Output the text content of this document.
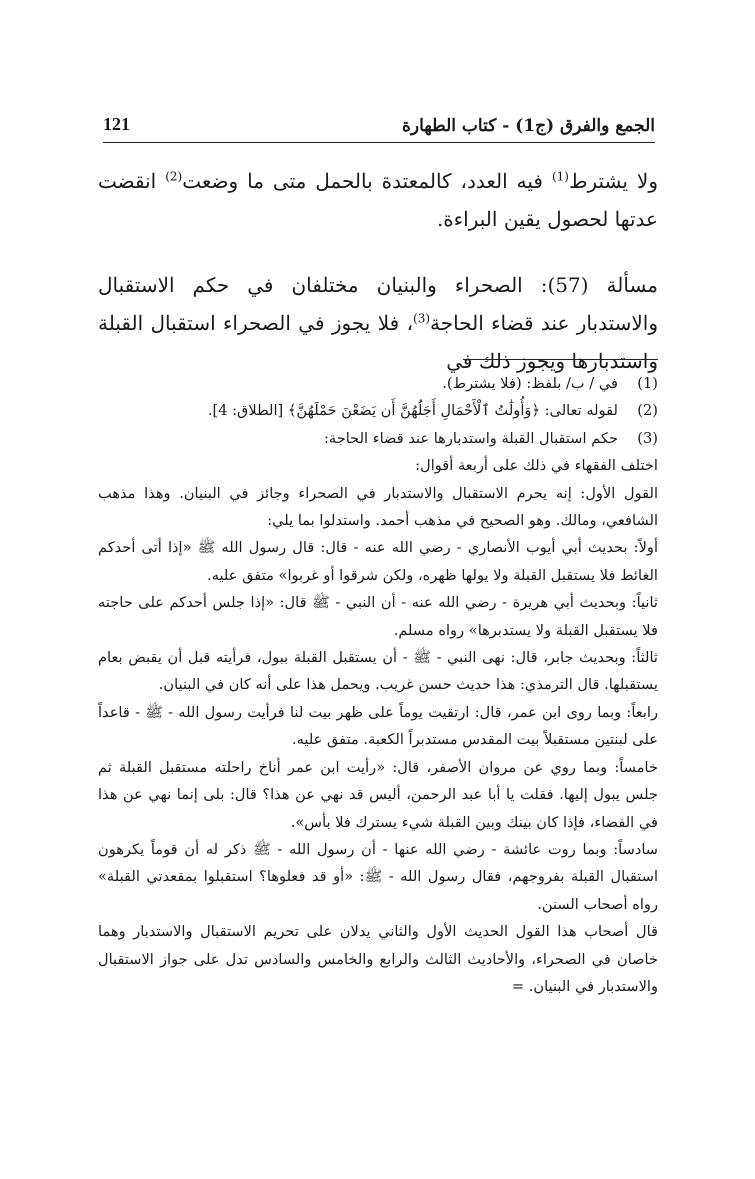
الجمع والفرق (ج1) - كتاب الطهارة
121

ولا يشترط$^{(1)}$ فيه العدد، كالمعتدة بالحمل متى ما وضعت$^{(2)}$ انقضت عدتها لحصول يقين البراءة.

مسألة (57): الصحراء والبنيان مختلفان في حكم الاستقبال والاستدبار عند قضاء الحاجة$^{(3)}$، فلا يجوز في الصحراء استقبال القبلة واستدبارها ويجوز ذلك في

(1)
في / ب/ بلفظ: (فلا يشترط).
(2)
لقوله تعالى: ﴿وَأُولَٰتُ ٱلْأَحْمَالِ أَجَلُهُنَّ أَن يَضَعْنَ حَمْلَهُنَّ﴾ [الطلاق: 4].
(3)
حكم استقبال القبلة واستدبارها عند قضاء الحاجة:

اختلف الفقهاء في ذلك على أربعة أقوال:

القول الأول: إنه يحرم الاستقبال والاستدبار في الصحراء وجائز في البنيان. وهذا مذهب الشافعي، ومالك. وهو الصحيح في مذهب أحمد. واستدلوا بما يلي:

أولاً: بحديث أبي أيوب الأنصاري - رضي الله عنه - قال: قال رسول الله ﷺ «إذا أتى أحدكم الغائط فلا يستقبل القبلة ولا يولها ظهره، ولكن شرقوا أو غربوا» متفق عليه.

ثانياً: وبحديث أبي هريرة - رضي الله عنه - أن النبي - ﷺ قال: «إذا جلس أحدكم على حاجته فلا يستقبل القبلة ولا يستدبرها» رواه مسلم.

ثالثاً: وبحديث جابر، قال: نهى النبي - ﷺ - أن يستقبل القبلة ببول، فرأيته قبل أن يقبض بعام يستقبلها. قال الترمذي: هذا حديث حسن غريب. ويحمل هذا على أنه كان في البنيان.

رابعاً: وبما روى ابن عمر، قال: ارتقيت يوماً على ظهر بيت لنا فرأيت رسول الله - ﷺ - قاعداً على لبنتين مستقبلاً بيت المقدس مستدبراً الكعبة. متفق عليه.

خامساً: وبما روي عن مروان الأصفر، قال: «رأيت ابن عمر أناخ راحلته مستقبل القبلة ثم جلس يبول إليها. فقلت يا أبا عبد الرحمن، أليس قد نهي عن هذا؟ قال: بلى إنما نهي عن هذا في الفضاء، فإذا كان بينك وبين القبلة شيء يسترك فلا بأس».

سادساً: وبما روت عائشة - رضي الله عنها - أن رسول الله - ﷺ ذكر له أن قوماً يكرهون استقبال القبلة بفروجهم، فقال رسول الله - ﷺ: «أو قد فعلوها؟ استقبلوا بمقعدتي القبلة» رواه أصحاب السنن.

قال أصحاب هذا القول الحديث الأول والثاني يدلان على تحريم الاستقبال والاستدبار وهما خاصان في الصحراء، والأحاديث الثالث والرابع والخامس والسادس تدل على جواز الاستقبال والاستدبار في البنيان. =
